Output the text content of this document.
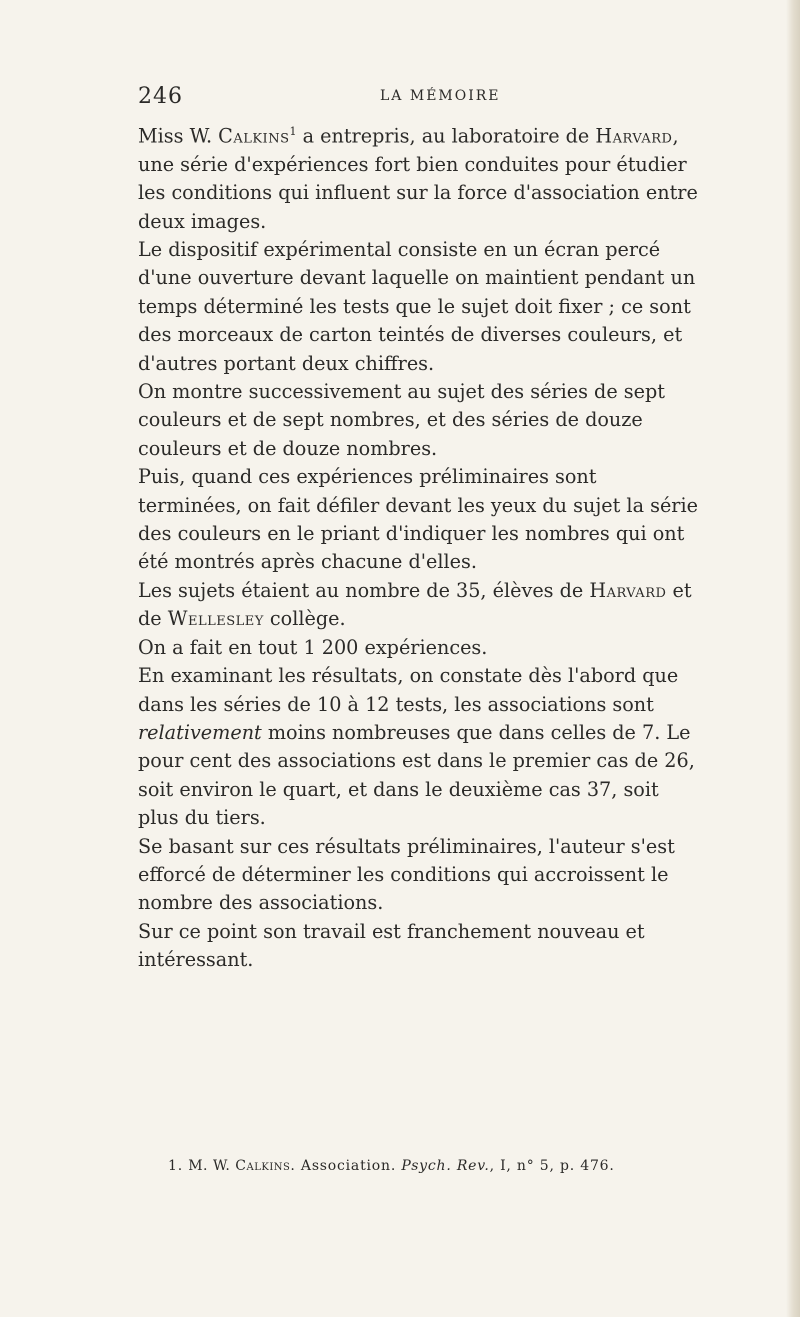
246	LA MÉMOIRE

Miss W. Calkins$^1$ a entrepris, au laboratoire de Harvard, une série d'expériences fort bien conduites pour étudier les conditions qui influent sur la force d'association entre deux images.

Le dispositif expérimental consiste en un écran percé d'une ouverture devant laquelle on maintient pendant un temps déterminé les tests que le sujet doit fixer ; ce sont des morceaux de carton teintés de diverses couleurs, et d'autres portant deux chiffres.

On montre successivement au sujet des séries de sept couleurs et de sept nombres, et des séries de douze couleurs et de douze nombres.

Puis, quand ces expériences préliminaires sont terminées, on fait défiler devant les yeux du sujet la série des couleurs en le priant d'indiquer les nombres qui ont été montrés après chacune d'elles.

Les sujets étaient au nombre de 35, élèves de Harvard et de Wellesley collège.

On a fait en tout 1 200 expériences.

En examinant les résultats, on constate dès l'abord que dans les séries de 10 à 12 tests, les associations sont relativement moins nombreuses que dans celles de 7. Le pour cent des associations est dans le premier cas de 26, soit environ le quart, et dans le deuxième cas 37, soit plus du tiers.

Se basant sur ces résultats préliminaires, l'auteur s'est efforcé de déterminer les conditions qui accroissent le nombre des associations.

Sur ce point son travail est franchement nouveau et intéressant.

1. M. W. Calkins. Association. Psych. Rev., I, n° 5, p. 476.
